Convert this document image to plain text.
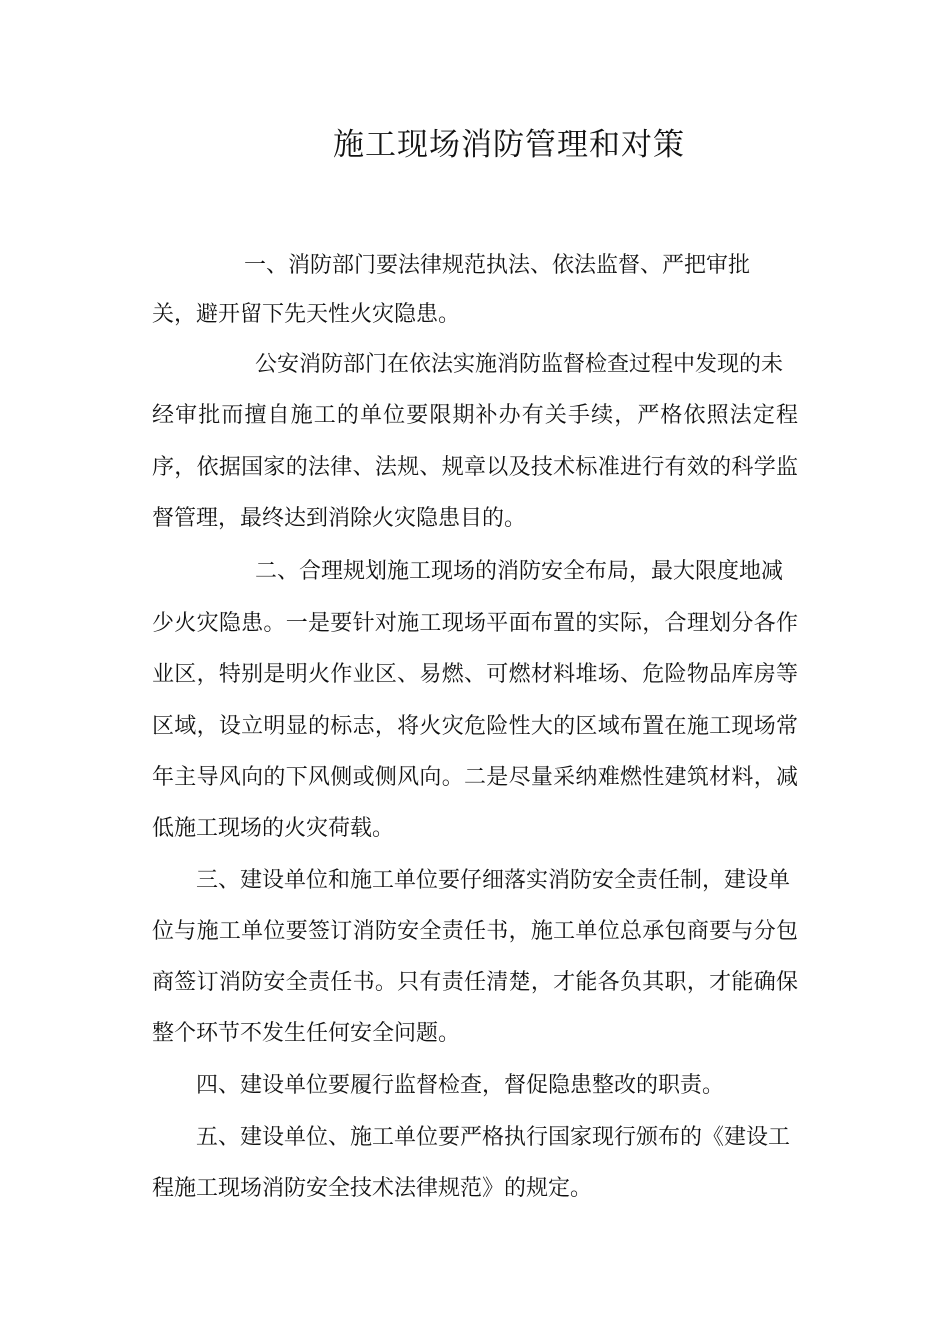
施工现场消防管理和对策
一、消防部门要法律规范执法、依法监督、严把审批
关，避开留下先天性火灾隐患。
公安消防部门在依法实施消防监督检查过程中发现的未
经审批而擅自施工的单位要限期补办有关手续，严格依照法定程
序，依据国家的法律、法规、规章以及技术标准进行有效的科学监
督管理，最终达到消除火灾隐患目的。
二、合理规划施工现场的消防安全布局，最大限度地减
少火灾隐患。一是要针对施工现场平面布置的实际，合理划分各作
业区，特别是明火作业区、易燃、可燃材料堆场、危险物品库房等
区域，设立明显的标志，将火灾危险性大的区域布置在施工现场常
年主导风向的下风侧或侧风向。二是尽量采纳难燃性建筑材料，减
低施工现场的火灾荷载。
三、建设单位和施工单位要仔细落实消防安全责任制，建设单
位与施工单位要签订消防安全责任书，施工单位总承包商要与分包
商签订消防安全责任书。只有责任清楚，才能各负其职，才能确保
整个环节不发生任何安全问题。
四、建设单位要履行监督检查，督促隐患整改的职责。
五、建设单位、施工单位要严格执行国家现行颁布的《建设工
程施工现场消防安全技术法律规范》的规定。
